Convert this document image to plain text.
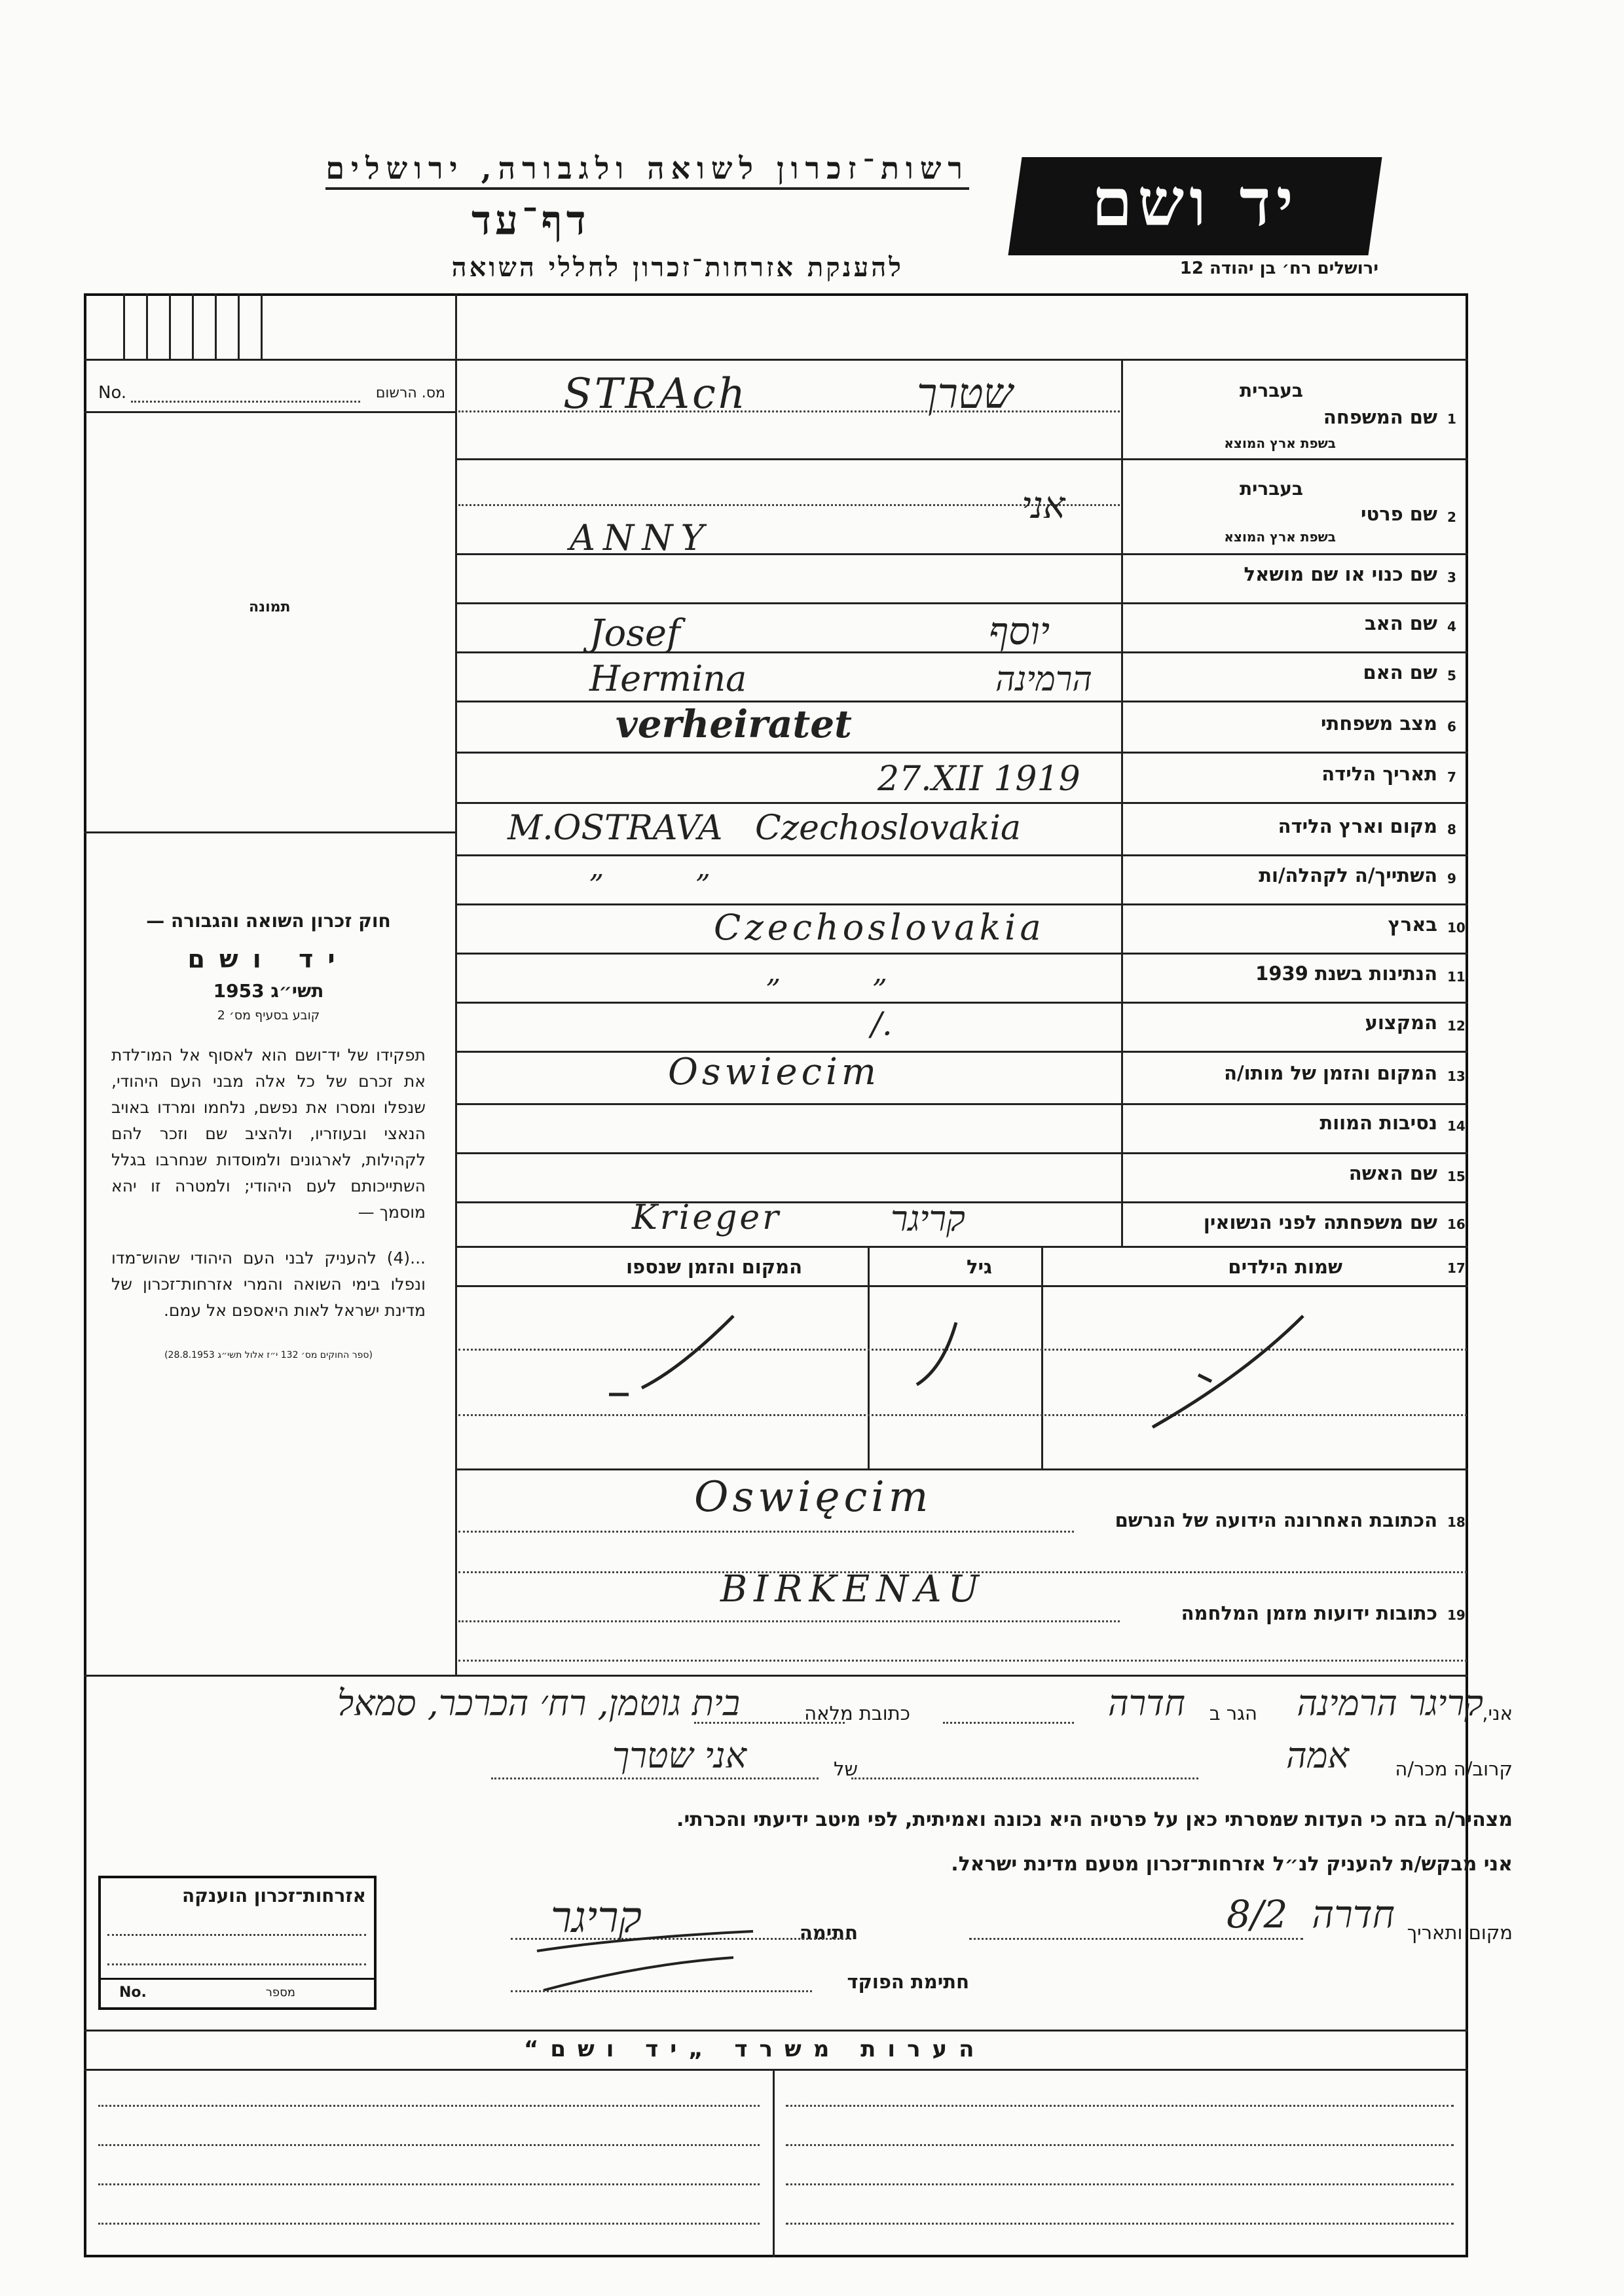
רשות־זכרון לשואה ולגבורה, ירושלים
דף־עד
להענקת אזרחות־זכרון לחללי השואה
יד ושם
ירושלים רח׳ בן יהודה 12
No.	מס. הרשום
תמונה
חוק זכרון השואה והגבורה —
יד ושם
תשי״ג 1953
קובע בסעיף מס׳ 2
תפקידו של יד־ושם הוא לאסוף אל המו־לדת את זכרם של כל אלה מבני העם היהודי, שנפלו ומסרו את נפשם, נלחמו ומרדו באויב הנאצי ובעוזריו, ולהציב שם וזכר להם לקהילות, לארגונים ולמוסדות שנחרבו בגלל השתייכותם לעם היהודי; ולמטרה זו יהא מוסמך —
...(4) להעניק לבני העם היהודי שהוש־מדו ונפלו בימי השואה והמרי אזרחות־זכרון של מדינת ישראל לאות היאספם אל עמם.
(ספר החוקים מס׳ 132 י״ז אלול תשי״ג 28.8.1953)
1
שם המשפחה
בעברית
בשפת ארץ המוצא
STRAch	שטרך
2
שם פרטי
בעברית
בשפת ארץ המוצא
ANNY
אני
3
שם כנוי או שם מושאל
4
שם האב
Josef	יוסף
5
שם האם
Hermina	הרמינה
6
מצב משפחתי
verheiratet
7
תאריך הלידה
27.XII 1919
8
מקום וארץ הלידה
M.OSTRAVA   Czechoslovakia
9
השתייך/ה לקהלה/ות
„          „
10
בארץ
Czechoslovakia
11
הנתינות בשנת 1939
„          „
12
המקצוע
/.
13
המקום והזמן של מותו/ה
Oswiecim
14
נסיבות המוות
15
שם האשה
16
שם משפחתה לפני הנשואין
Krieger	קריגר
17
שמות הילדים
גיל
המקום והזמן שנספו
18
הכתובת האחרונה הידועה של הנרשם
Oswięcim
19
כתובות ידועות מזמן המלחמה
BIRKENAU
אני,
קריגר הרמינה
הגר ב
חדרה
כתובת מלאה
בית גוטמן, רח׳ הכרכר, סמאל
קרוב/ה מכר/ה
אמה
של
אני שטרך
מצהיר/ה בזה כי העדות שמסרתי כאן על פרטיה היא נכונה ואמיתית, לפי מיטב ידיעתי והכרתי.
אני מבקש/ת להעניק לנ״ל אזרחות־זכרון מטעם מדינת ישראל.
מקום ותאריך
חדרה  8/2
חתימה
קריגר
חתימת הפוקד
אזרחות־זכרון הוענקה
No.	מספר
הערות משרד „יד ושם“
